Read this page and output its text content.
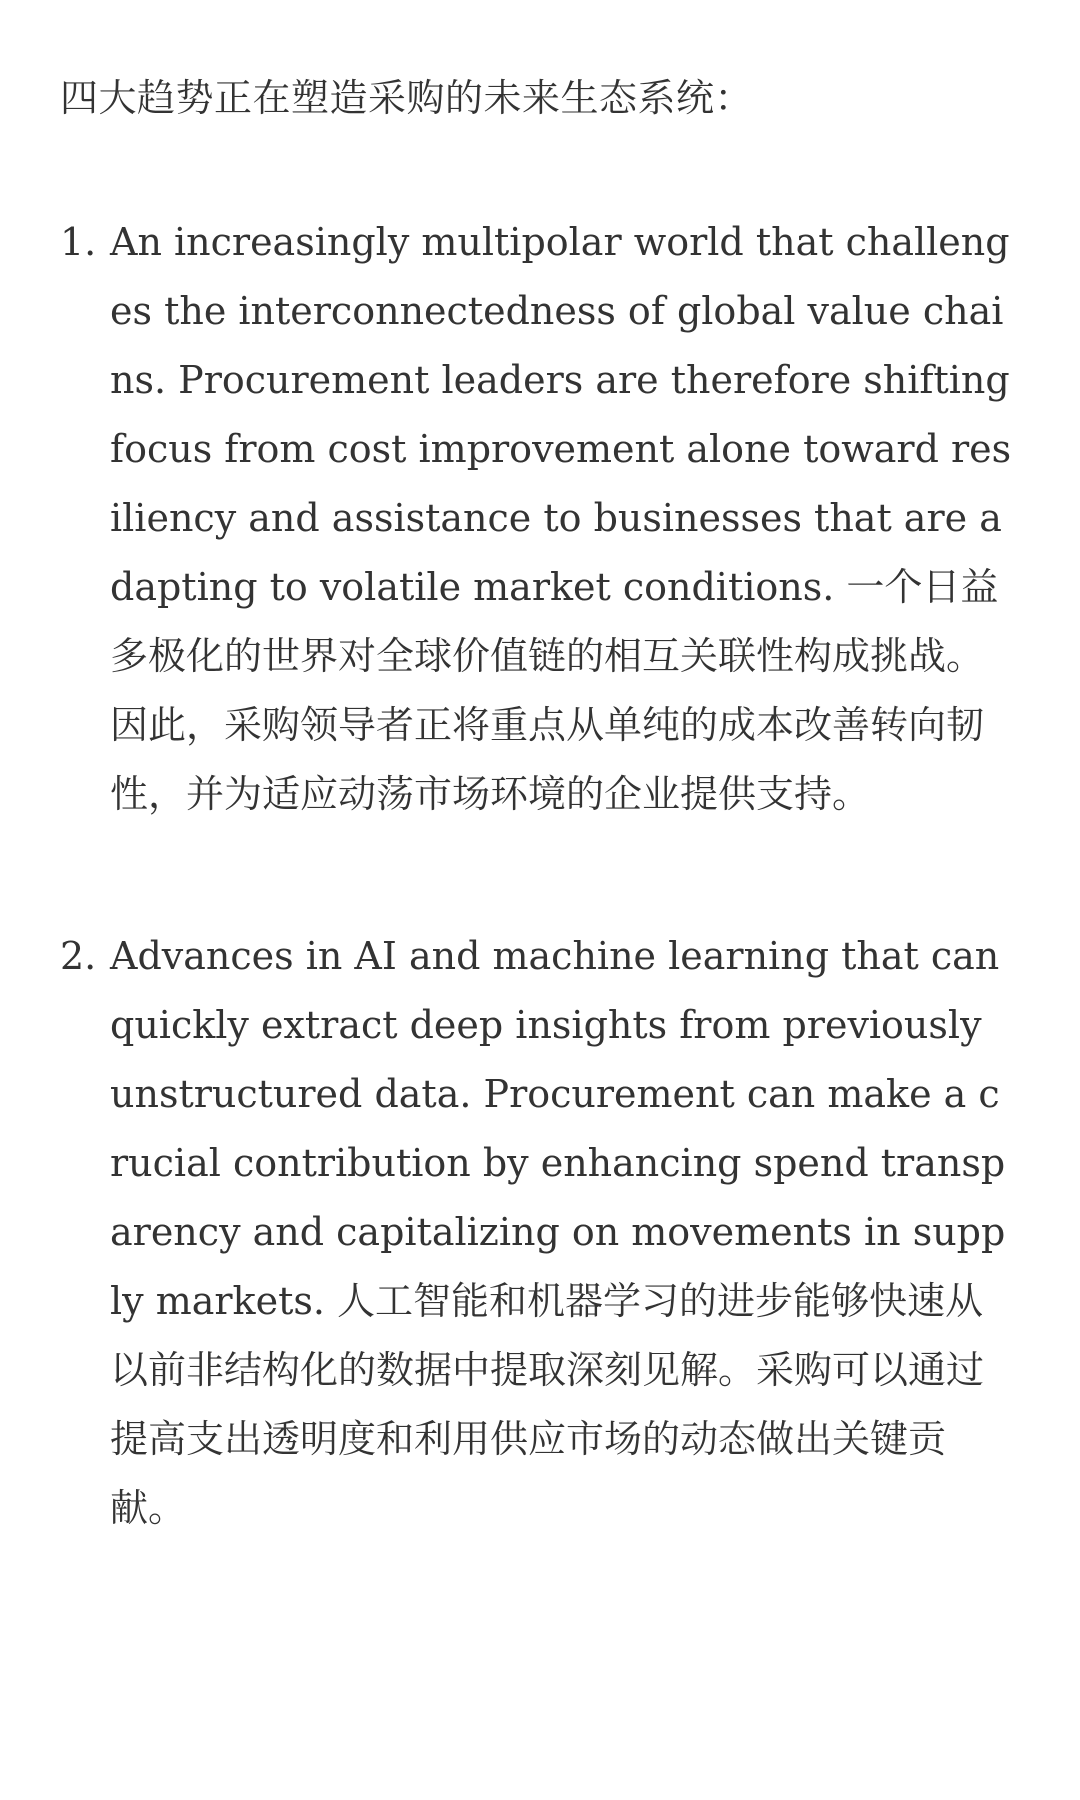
四大趋势正在塑造采购的未来生态系统：

1. An increasingly multipolar world that challenges the interconnectedness of global value chains. Procurement leaders are therefore shifting focus from cost improvement alone toward resiliency and assistance to businesses that are adapting to volatile market conditions. 一个日益多极化的世界对全球价值链的相互关联性构成挑战。因此，采购领导者正将重点从单纯的成本改善转向韧性，并为适应动荡市场环境的企业提供支持。
2. Advances in AI and machine learning that can quickly extract deep insights from previously unstructured data. Procurement can make a crucial contribution by enhancing spend transparency and capitalizing on movements in supply markets. 人工智能和机器学习的进步能够快速从以前非结构化的数据中提取深刻见解。采购可以通过提高支出透明度和利用供应市场的动态做出关键贡献。
